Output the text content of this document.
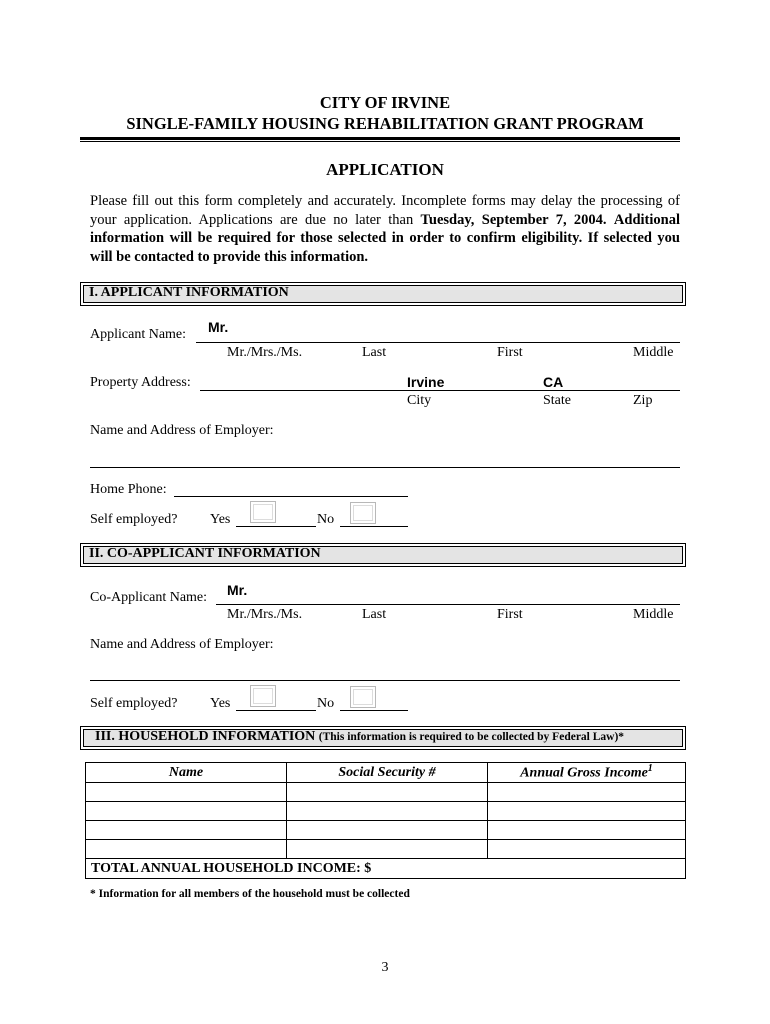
CITY OF IRVINE
SINGLE-FAMILY HOUSING REHABILITATION GRANT PROGRAM
APPLICATION
Please fill out this form completely and accurately. Incomplete forms may delay the processing of your application. Applications are due no later than Tuesday, September 7, 2004. Additional information will be required for those selected in order to confirm eligibility. If selected you will be contacted to provide this information.
I. APPLICANT INFORMATION
Applicant Name: Mr.
Mr./Mrs./Ms.	Last	First	Middle
Property Address:	Irvine	CA
City	State	Zip
Name and Address of Employer:
Home Phone:
Self employed? Yes	No
II. CO-APPLICANT INFORMATION
Co-Applicant Name: Mr.
Mr./Mrs./Ms.	Last	First	Middle
Name and Address of Employer:
Self employed? Yes	No
III. HOUSEHOLD INFORMATION (This information is required to be collected by Federal Law)*
Name	Social Security #	Annual Gross Income$^1$

TOTAL ANNUAL HOUSEHOLD INCOME: $		
* Information for all members of the household must be collected
3
